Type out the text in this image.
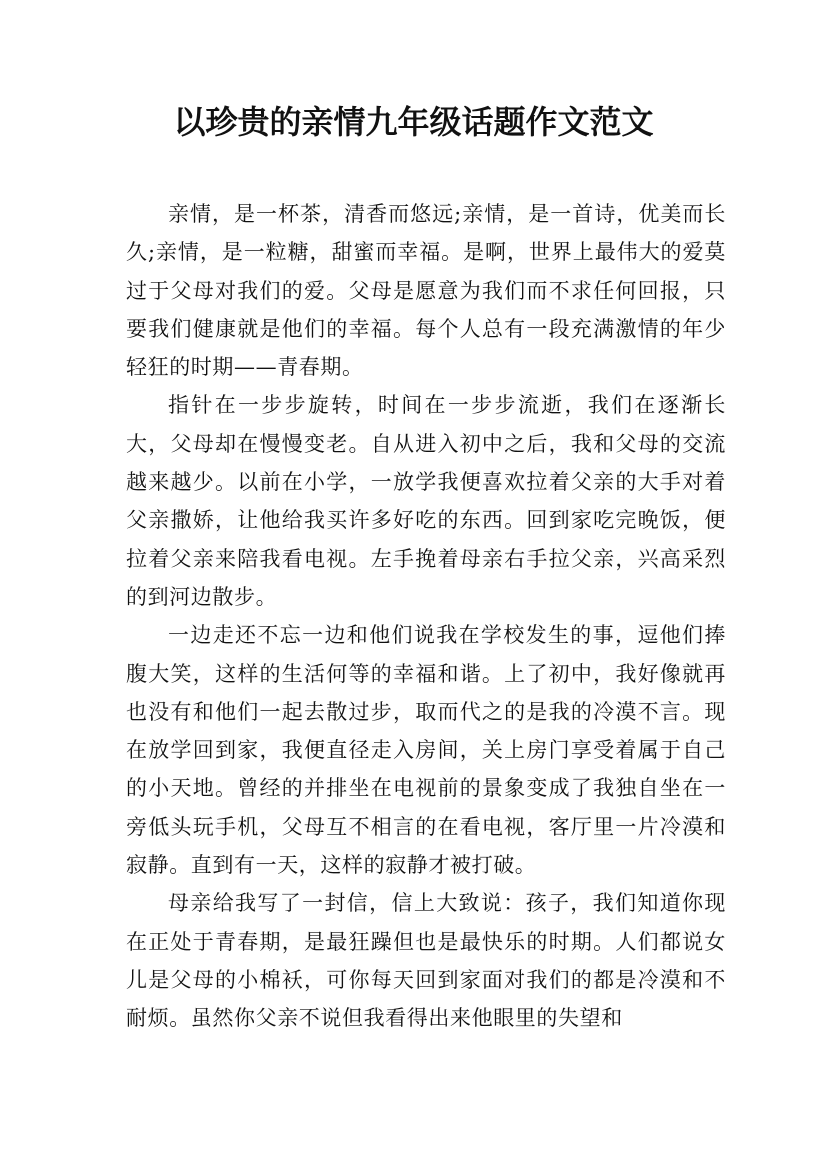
以珍贵的亲情九年级话题作文范文

亲情，是一杯茶，清香而悠远;亲情，是一首诗，优美而长久;亲情，是一粒糖，甜蜜而幸福。是啊，世界上最伟大的爱莫过于父母对我们的爱。父母是愿意为我们而不求任何回报，只要我们健康就是他们的幸福。每个人总有一段充满激情的年少轻狂的时期——青春期。

指针在一步步旋转，时间在一步步流逝，我们在逐渐长大，父母却在慢慢变老。自从进入初中之后，我和父母的交流越来越少。以前在小学，一放学我便喜欢拉着父亲的大手对着父亲撒娇，让他给我买许多好吃的东西。回到家吃完晚饭，便拉着父亲来陪我看电视。左手挽着母亲右手拉父亲，兴高采烈的到河边散步。

一边走还不忘一边和他们说我在学校发生的事，逗他们捧腹大笑，这样的生活何等的幸福和谐。上了初中，我好像就再也没有和他们一起去散过步，取而代之的是我的冷漠不言。现在放学回到家，我便直径走入房间，关上房门享受着属于自己的小天地。曾经的并排坐在电视前的景象变成了我独自坐在一旁低头玩手机，父母互不相言的在看电视，客厅里一片冷漠和寂静。直到有一天，这样的寂静才被打破。

母亲给我写了一封信，信上大致说：孩子，我们知道你现在正处于青春期，是最狂躁但也是最快乐的时期。人们都说女儿是父母的小棉袄，可你每天回到家面对我们的都是冷漠和不耐烦。虽然你父亲不说但我看得出来他眼里的失望和
